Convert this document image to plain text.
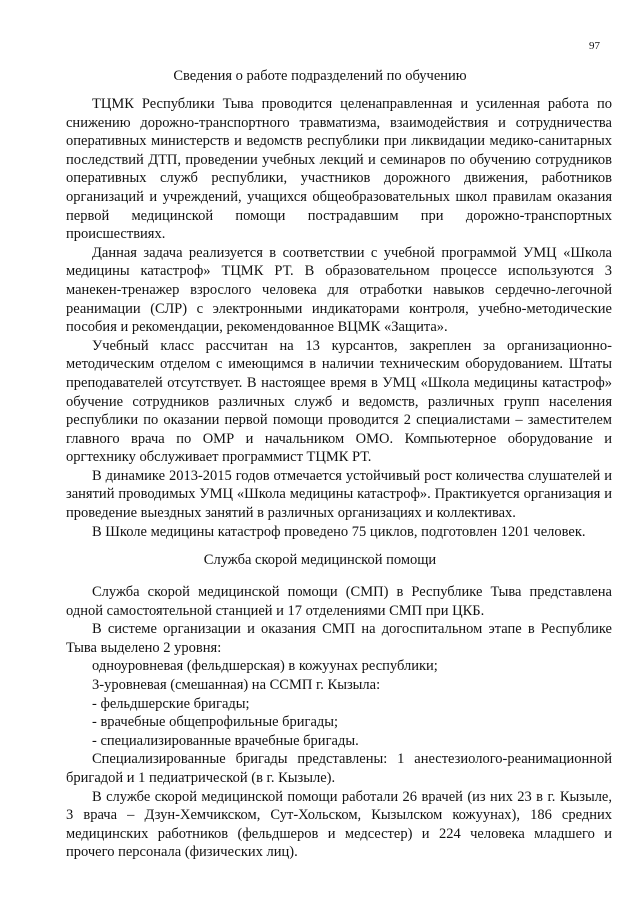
97
Сведения о работе подразделений по обучению

ТЦМК Республики Тыва проводится целенаправленная и усиленная работа по снижению дорожно-транспортного травматизма, взаимодействия и сотрудничества оперативных министерств и ведомств республики при ликвидации медико-санитарных последствий ДТП, проведении учебных лекций и семинаров по обучению сотрудников оперативных служб республики, участников дорожного движения, работников организаций и учреждений, учащихся общеобразовательных школ правилам оказания первой медицинской помощи пострадавшим при дорожно-транспортных происшествиях.

Данная задача реализуется в соответствии с учебной программой УМЦ «Школа медицины катастроф» ТЦМК РТ. В образовательном процессе используются 3 манекен-тренажер взрослого человека для отработки навыков сердечно-легочной реанимации (СЛР) с электронными индикаторами контроля, учебно-методические пособия и рекомендации, рекомендованное ВЦМК «Защита».

Учебный класс рассчитан на 13 курсантов, закреплен за организационно-методическим отделом с имеющимся в наличии техническим оборудованием. Штаты преподавателей отсутствует. В настоящее время в УМЦ «Школа медицины катастроф» обучение сотрудников различных служб и ведомств, различных групп населения республики по оказании первой помощи проводится 2 специалистами – заместителем главного врача по ОМР и начальником ОМО. Компьютерное оборудование и оргтехнику обслуживает программист ТЦМК РТ.

В динамике 2013-2015 годов отмечается устойчивый рост количества слушателей и занятий проводимых УМЦ «Школа медицины катастроф». Практикуется организация и проведение выездных занятий в различных организациях и коллективах.

В Школе медицины катастроф проведено 75 циклов, подготовлен 1201 человек.

Служба скорой медицинской помощи

Служба скорой медицинской помощи (СМП) в Республике Тыва представлена одной самостоятельной станцией и 17 отделениями СМП при ЦКБ.

В системе организации и оказания СМП на догоспитальном этапе в Республике Тыва выделено 2 уровня:

одноуровневая (фельдшерская) в кожуунах республики;

3-уровневая (смешанная) на ССМП г. Кызыла:

- фельдшерские бригады;

- врачебные общепрофильные бригады;

- специализированные врачебные бригады.

Специализированные бригады представлены: 1 анестезиолого-реанимационной бригадой и 1 педиатрической (в г. Кызыле).

В службе скорой медицинской помощи работали 26 врачей (из них 23 в г. Кызыле, 3 врача – Дзун-Хемчикском, Сут-Хольском, Кызылском кожуунах), 186 средних медицинских работников (фельдшеров и медсестер) и 224 человека младшего и прочего персонала (физических лиц).
